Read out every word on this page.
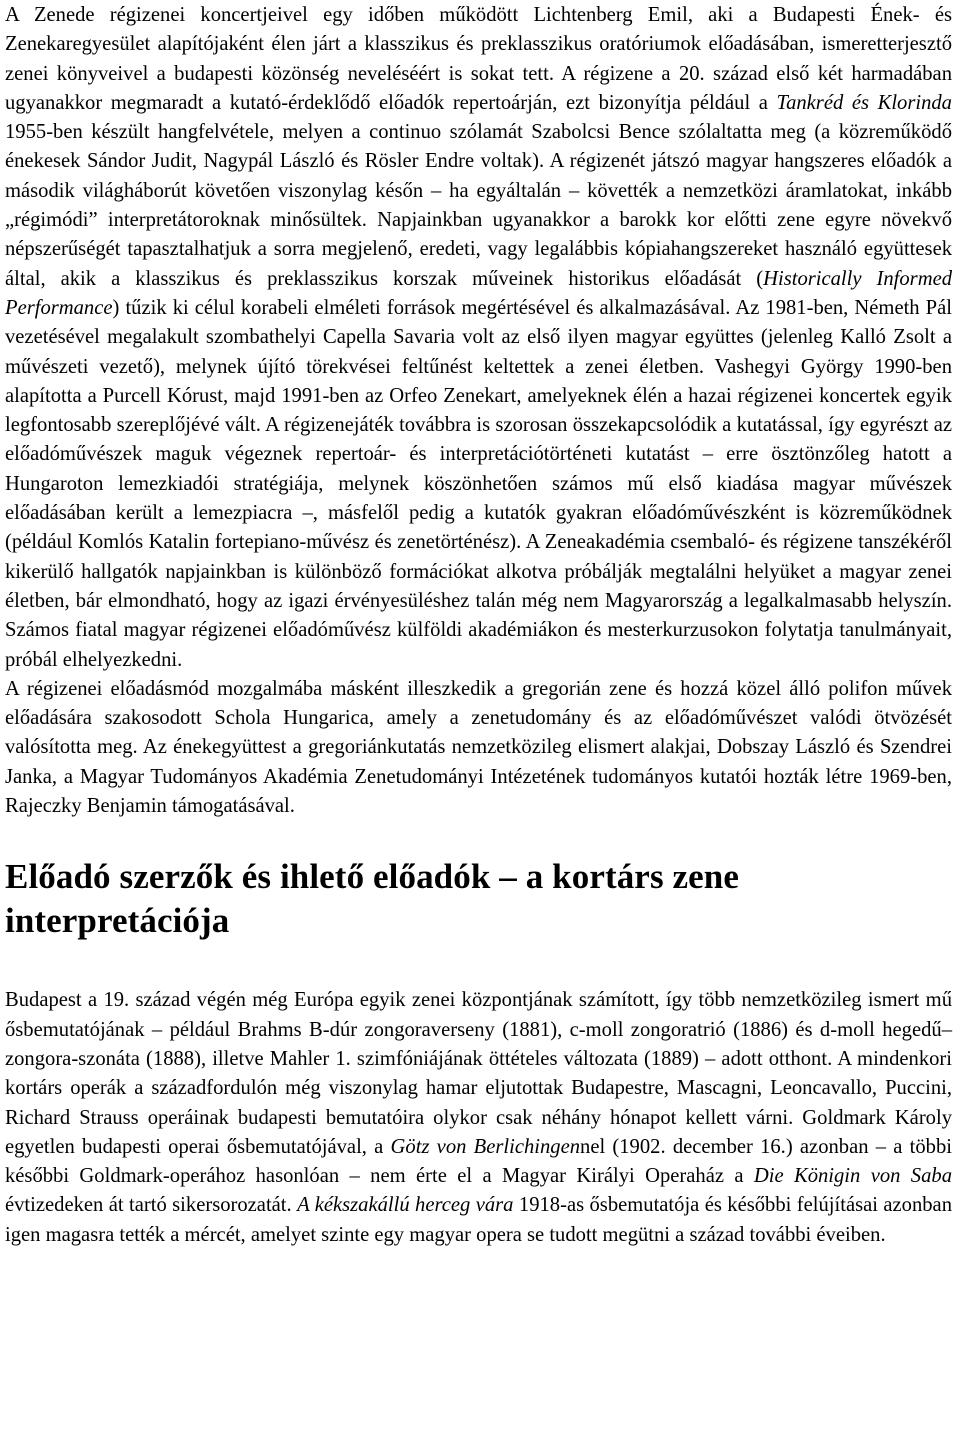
A Zenede régizenei koncertjeivel egy időben működött Lichtenberg Emil, aki a Budapesti Ének- és Zenekaregyesület alapítójaként élen járt a klasszikus és preklasszikus oratóriumok előadásában, ismeretterjesztő zenei könyveivel a budapesti közönség neveléséért is sokat tett. A régizene a 20. század első két harmadában ugyanakkor megmaradt a kutató-érdeklődő előadók repertoárján, ezt bizonyítja például a Tankréd és Klorinda 1955-ben készült hangfelvétele, melyen a continuo szólamát Szabolcsi Bence szólaltatta meg (a közreműködő énekesek Sándor Judit, Nagypál László és Rösler Endre voltak). A régizenét játszó magyar hangszeres előadók a második világháborút követően viszonylag későn – ha egyáltalán – követték a nemzetközi áramlatokat, inkább „régimódi” interpretátoroknak minősültek. Napjainkban ugyanakkor a barokk kor előtti zene egyre növekvő népszerűségét tapasztalhatjuk a sorra megjelenő, eredeti, vagy legalábbis kópiahangszereket használó együttesek által, akik a klasszikus és preklasszikus korszak műveinek historikus előadását (Historically Informed Performance) tűzik ki célul korabeli elméleti források megértésével és alkalmazásával. Az 1981-ben, Németh Pál vezetésével megalakult szombathelyi Capella Savaria volt az első ilyen magyar együttes (jelenleg Kalló Zsolt a művészeti vezető), melynek újító törekvései feltűnést keltettek a zenei életben. Vashegyi György 1990-ben alapította a Purcell Kórust, majd 1991-ben az Orfeo Zenekart, amelyeknek élén a hazai régizenei koncertek egyik legfontosabb szereplőjévé vált. A régizenejáték továbbra is szorosan összekapcsolódik a kutatással, így egyrészt az előadóművészek maguk végeznek repertoár- és interpretációtörténeti kutatást – erre ösztönzőleg hatott a Hungaroton lemezkiadói stratégiája, melynek köszönhetően számos mű első kiadása magyar művészek előadásában került a lemezpiacra –, másfelől pedig a kutatók gyakran előadóművészként is közreműködnek (például Komlós Katalin fortepiano-művész és zenetörténész). A Zeneakadémia csembaló- és régizene tanszékéről kikerülő hallgatók napjainkban is különböző formációkat alkotva próbálják megtalálni helyüket a magyar zenei életben, bár elmondható, hogy az igazi érvényesüléshez talán még nem Magyarország a legalkalmasabb helyszín. Számos fiatal magyar régizenei előadóművész külföldi akadémiákon és mesterkurzusokon folytatja tanulmányait, próbál elhelyezkedni.

A régizenei előadásmód mozgalmába másként illeszkedik a gregorián zene és hozzá közel álló polifon művek előadására szakosodott Schola Hungarica, amely a zenetudomány és az előadóművészet valódi ötvözését valósította meg. Az énekegyüttest a gregoriánkutatás nemzetközileg elismert alakjai, Dobszay László és Szendrei Janka, a Magyar Tudományos Akadémia Zenetudományi Intézetének tudományos kutatói hozták létre 1969-ben, Rajeczky Benjamin támogatásával.

Előadó szerzők és ihlető előadók – a kortárs zene interpretációja

Budapest a 19. század végén még Európa egyik zenei központjának számított, így több nemzetközileg ismert mű ősbemutatójának – például Brahms B-dúr zongoraverseny (1881), c-moll zongoratrió (1886) és d-moll hegedű–zongora-szonáta (1888), illetve Mahler 1. szimfóniájának öttételes változata (1889) – adott otthont. A mindenkori kortárs operák a századfordulón még viszonylag hamar eljutottak Budapestre, Mascagni, Leoncavallo, Puccini, Richard Strauss operáinak budapesti bemutatóira olykor csak néhány hónapot kellett várni. Goldmark Károly egyetlen budapesti operai ősbemutatójával, a Götz von Berlichingennel (1902. december 16.) azonban – a többi későbbi Goldmark-operához hasonlóan – nem érte el a Magyar Királyi Operaház a Die Königin von Saba évtizedeken át tartó sikersorozatát. A kékszakállú herceg vára 1918-as ősbemutatója és későbbi felújításai azonban igen magasra tették a mércét, amelyet szinte egy magyar opera se tudott megütni a század további éveiben.
